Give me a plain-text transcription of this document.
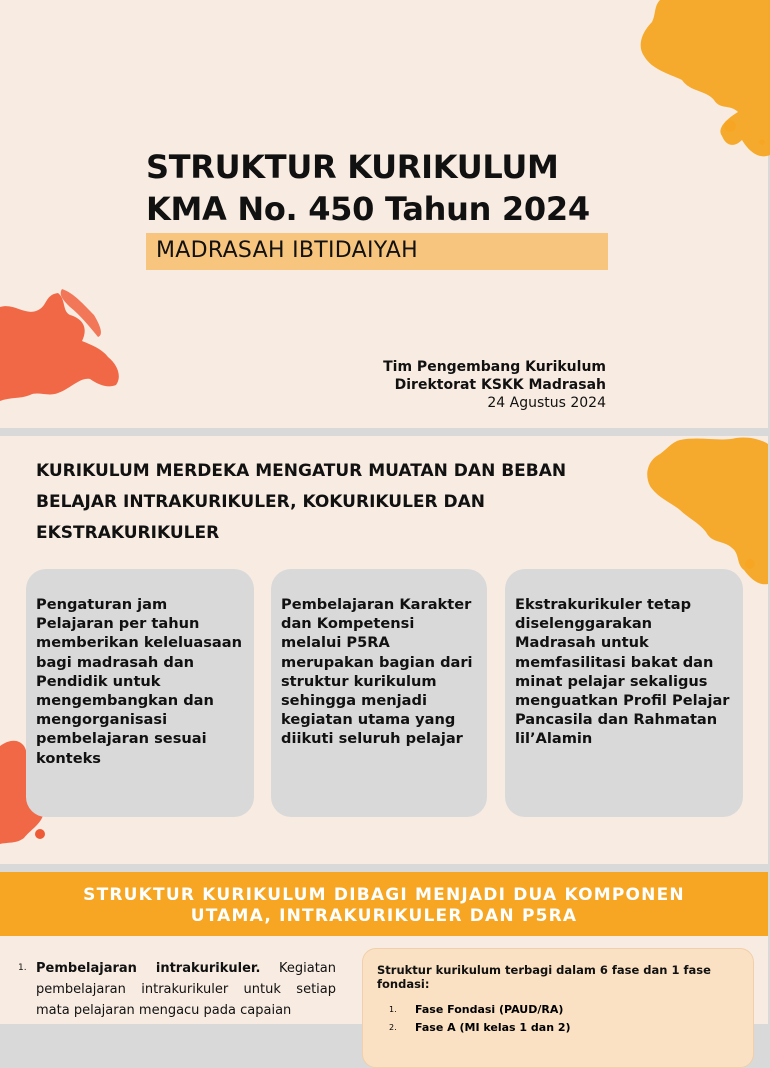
STRUKTUR KURIKULUM
KMA No. 450 Tahun 2024
MADRASAH IBTIDAIYAH
Tim Pengembang Kurikulum
Direktorat KSKK Madrasah
24 Agustus 2024
KURIKULUM MERDEKA MENGATUR MUATAN DAN BEBAN BELAJAR INTRAKURIKULER, KOKURIKULER DAN EKSTRAKURIKULER
Pengaturan jam Pelajaran per tahun memberikan keleluasaan bagi madrasah dan Pendidik untuk mengembangkan dan mengorganisasi pembelajaran sesuai konteks
Pembelajaran Karakter dan Kompetensi melalui P5RA merupakan bagian dari struktur kurikulum sehingga menjadi kegiatan utama yang diikuti seluruh pelajar
Ekstrakurikuler tetap diselenggarakan Madrasah untuk memfasilitasi bakat dan minat pelajar sekaligus menguatkan Profil Pelajar Pancasila dan Rahmatan lil’Alamin
STRUKTUR KURIKULUM DIBAGI MENJADI DUA KOMPONEN
UTAMA, INTRAKURIKULER DAN P5RA
1. Pembelajaran intrakurikuler. Kegiatan pembelajaran intrakurikuler untuk setiap mata pelajaran mengacu pada capaian
Struktur kurikulum terbagi dalam 6 fase dan 1 fase fondasi:
1.	Fase Fondasi (PAUD/RA)
2.	Fase A (MI kelas 1 dan 2)
